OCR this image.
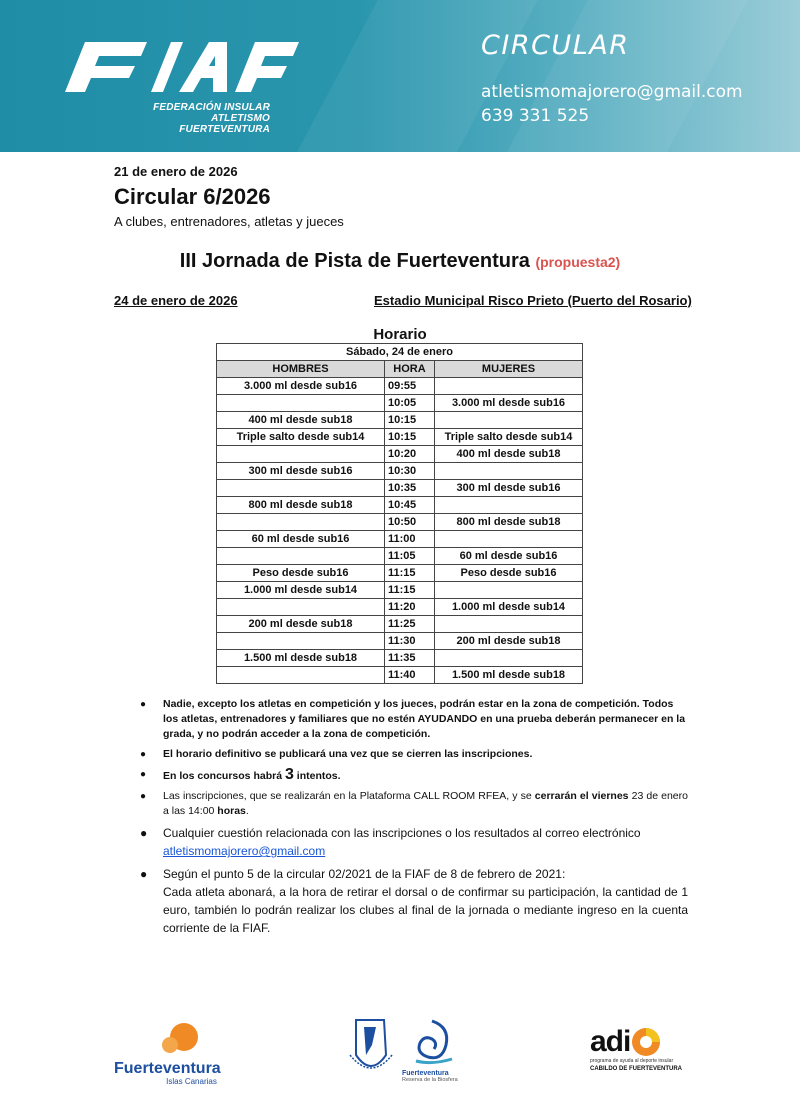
FEDERACIÓN INSULAR
ATLETISMO FUERTEVENTURA
CIRCULAR
atletismomajorero@gmail.com
639 331 525
21 de enero de 2026
Circular 6/2026
A clubes, entrenadores, atletas y jueces
III Jornada de Pista de Fuerteventura (propuesta2)
24 de enero de 2026	Estadio Municipal Risco Prieto (Puerto del Rosario)
Horario
Sábado, 24 de enero		
HOMBRES	HORA	MUJERES
3.000 ml desde sub16	09:55	
	10:05	3.000 ml desde sub16
400 ml desde sub18	10:15	
Triple salto desde sub14	10:15	Triple salto desde sub14
	10:20	400 ml desde sub18
300 ml desde sub16	10:30	
	10:35	300 ml desde sub16
800 ml desde sub18	10:45	
	10:50	800 ml desde sub18
60 ml desde sub16	11:00	
	11:05	60 ml desde sub16
Peso desde sub16	11:15	Peso desde sub16
1.000 ml desde sub14	11:15	
	11:20	1.000 ml desde sub14
200 ml desde sub18	11:25	
	11:30	200 ml desde sub18
1.500 ml desde sub18	11:35	
	11:40	1.500 ml desde sub18
● Nadie, excepto los atletas en competición y los jueces, podrán estar en la zona de competición. Todos los atletas, entrenadores y familiares que no estén AYUDANDO en una prueba deberán permanecer en la grada, y no podrán acceder a la zona de competición.
● El horario definitivo se publicará una vez que se cierren las inscripciones.
● En los concursos habrá 3 intentos.
● Las inscripciones, que se realizarán en la Plataforma CALL ROOM RFEA, y se cerrarán el viernes 23 de enero a las 14:00 horas.
● Cualquier cuestión relacionada con las inscripciones o los resultados al correo electrónico
atletismomajorero@gmail.com
● Según el punto 5 de la circular 02/2021 de la FIAF de 8 de febrero de 2021:
Cada atleta abonará, a la hora de retirar el dorsal o de confirmar su participación, la cantidad de 1 euro, también lo podrán realizar los clubes al final de la jornada o mediante ingreso en la cuenta corriente de la FIAF.
Fuerteventura
Islas Canarias
Fuerteventura
Reserva de la Biosfera
adi
programa de ayuda al deporte insular
CABILDO DE FUERTEVENTURA
